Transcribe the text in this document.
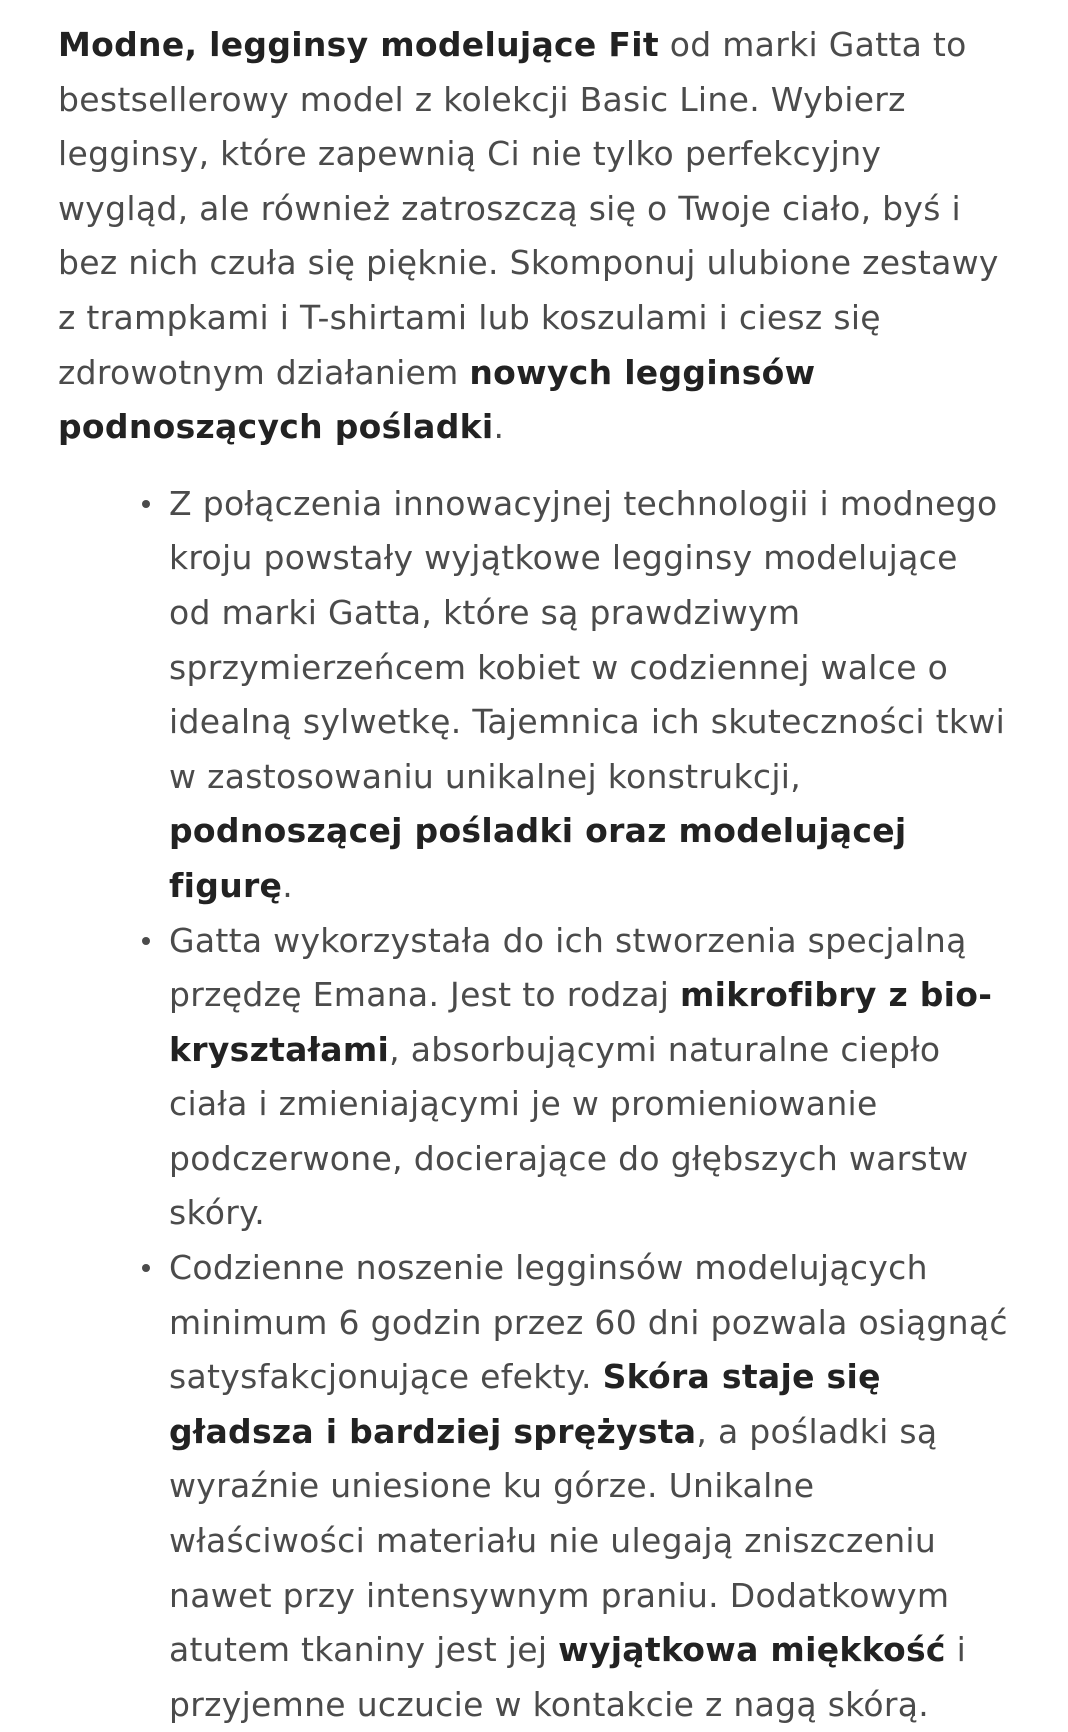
Modne, legginsy modelujące Fit od marki Gatta to bestsellerowy model z kolekcji Basic Line. Wybierz legginsy, które zapewnią Ci nie tylko perfekcyjny wygląd, ale również zatroszczą się o Twoje ciało, byś i bez nich czuła się pięknie. Skomponuj ulubione zestawy z trampkami i T-shirtami lub koszulami i ciesz się zdrowotnym działaniem nowych legginsów podnoszących pośladki.

Z połączenia innowacyjnej technologii i modnego kroju powstały wyjątkowe legginsy modelujące od marki Gatta, które są prawdziwym sprzymierzeńcem kobiet w codziennej walce o idealną sylwetkę. Tajemnica ich skuteczności tkwi w zastosowaniu unikalnej konstrukcji, podnoszącej pośladki oraz modelującej figurę.
Gatta wykorzystała do ich stworzenia specjalną przędzę Emana. Jest to rodzaj mikrofibry z bio-kryształami, absorbującymi naturalne ciepło ciała i zmieniającymi je w promieniowanie podczerwone, docierające do głębszych warstw skóry.
Codzienne noszenie legginsów modelujących minimum 6 godzin przez 60 dni pozwala osiągnąć satysfakcjonujące efekty. Skóra staje się gładsza i bardziej sprężysta, a pośladki są wyraźnie uniesione ku górze. Unikalne właściwości materiału nie ulegają zniszczeniu nawet przy intensywnym praniu. Dodatkowym atutem tkaniny jest jej wyjątkowa miękkość i przyjemne uczucie w kontakcie z nagą skórą.
